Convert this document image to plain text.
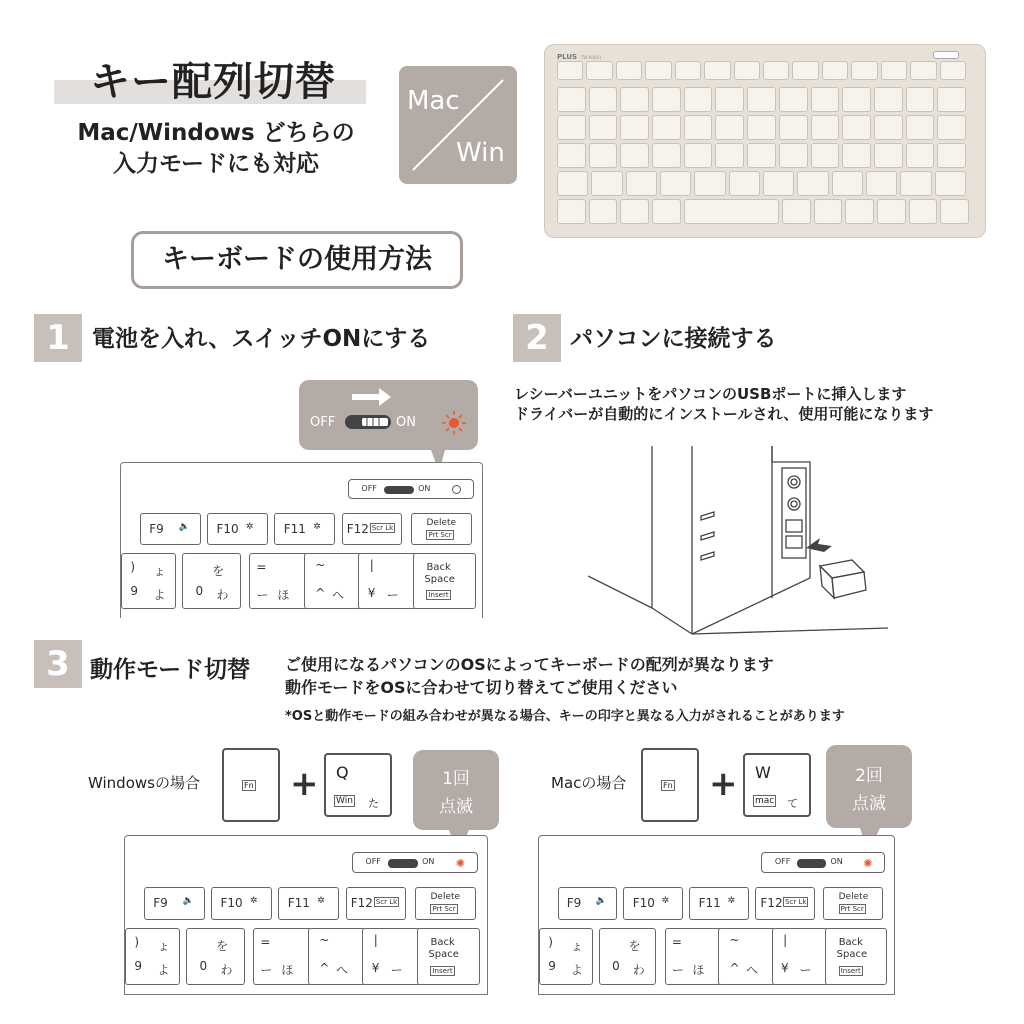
キー配列切替
Mac/Windows どちらの
入力モードにも対応
Mac
Win
PLUS TW-KB001
キーボードの使用方法
1 電池を入れ、スイッチONにする
OFF	ON
OFF	ON
F9 🔉 F10 ✲	F11 ✲ F12 Scr Lk	Delete
Prt Scr
) ょ
9 よ
を
0 わ
=
ー ほ
~
^ へ
|
¥ ー
Back
Space
Insert
2 パソコンに接続する
レシーバーユニットをパソコンのUSBポートに挿入します
ドライバーが自動的にインストールされ、使用可能になります
3 動作モード切替 ご使用になるパソコンのOSによってキーボードの配列が異なります
動作モードをOSに合わせて切り替えてご使用ください
*OSと動作モードの組み合わせが異なる場合、キーの印字と異なる入力がされることがあります
Windowsの場合	Fn + Q
Win た
1回
点滅
OFF	ON ✺
F9 🔉 F10 ✲	F11 ✲ F12 Scr Lk
Delete
Prt Scr
) ょ
9 よ
を
0 わ
=
ー ほ
~
^ へ
|
¥ ー
Back
Space
Insert
Macの場合	Fn + W
mac て
2回
点滅
OFF	ON ✺
F9 🔉 F10 ✲ F11 ✲ F12 Scr Lk
Delete
Prt Scr
) ょ
9 よ
を
0 わ
=
ー ほ
~
^ へ
|
¥ ー
Back
Space
Insert
